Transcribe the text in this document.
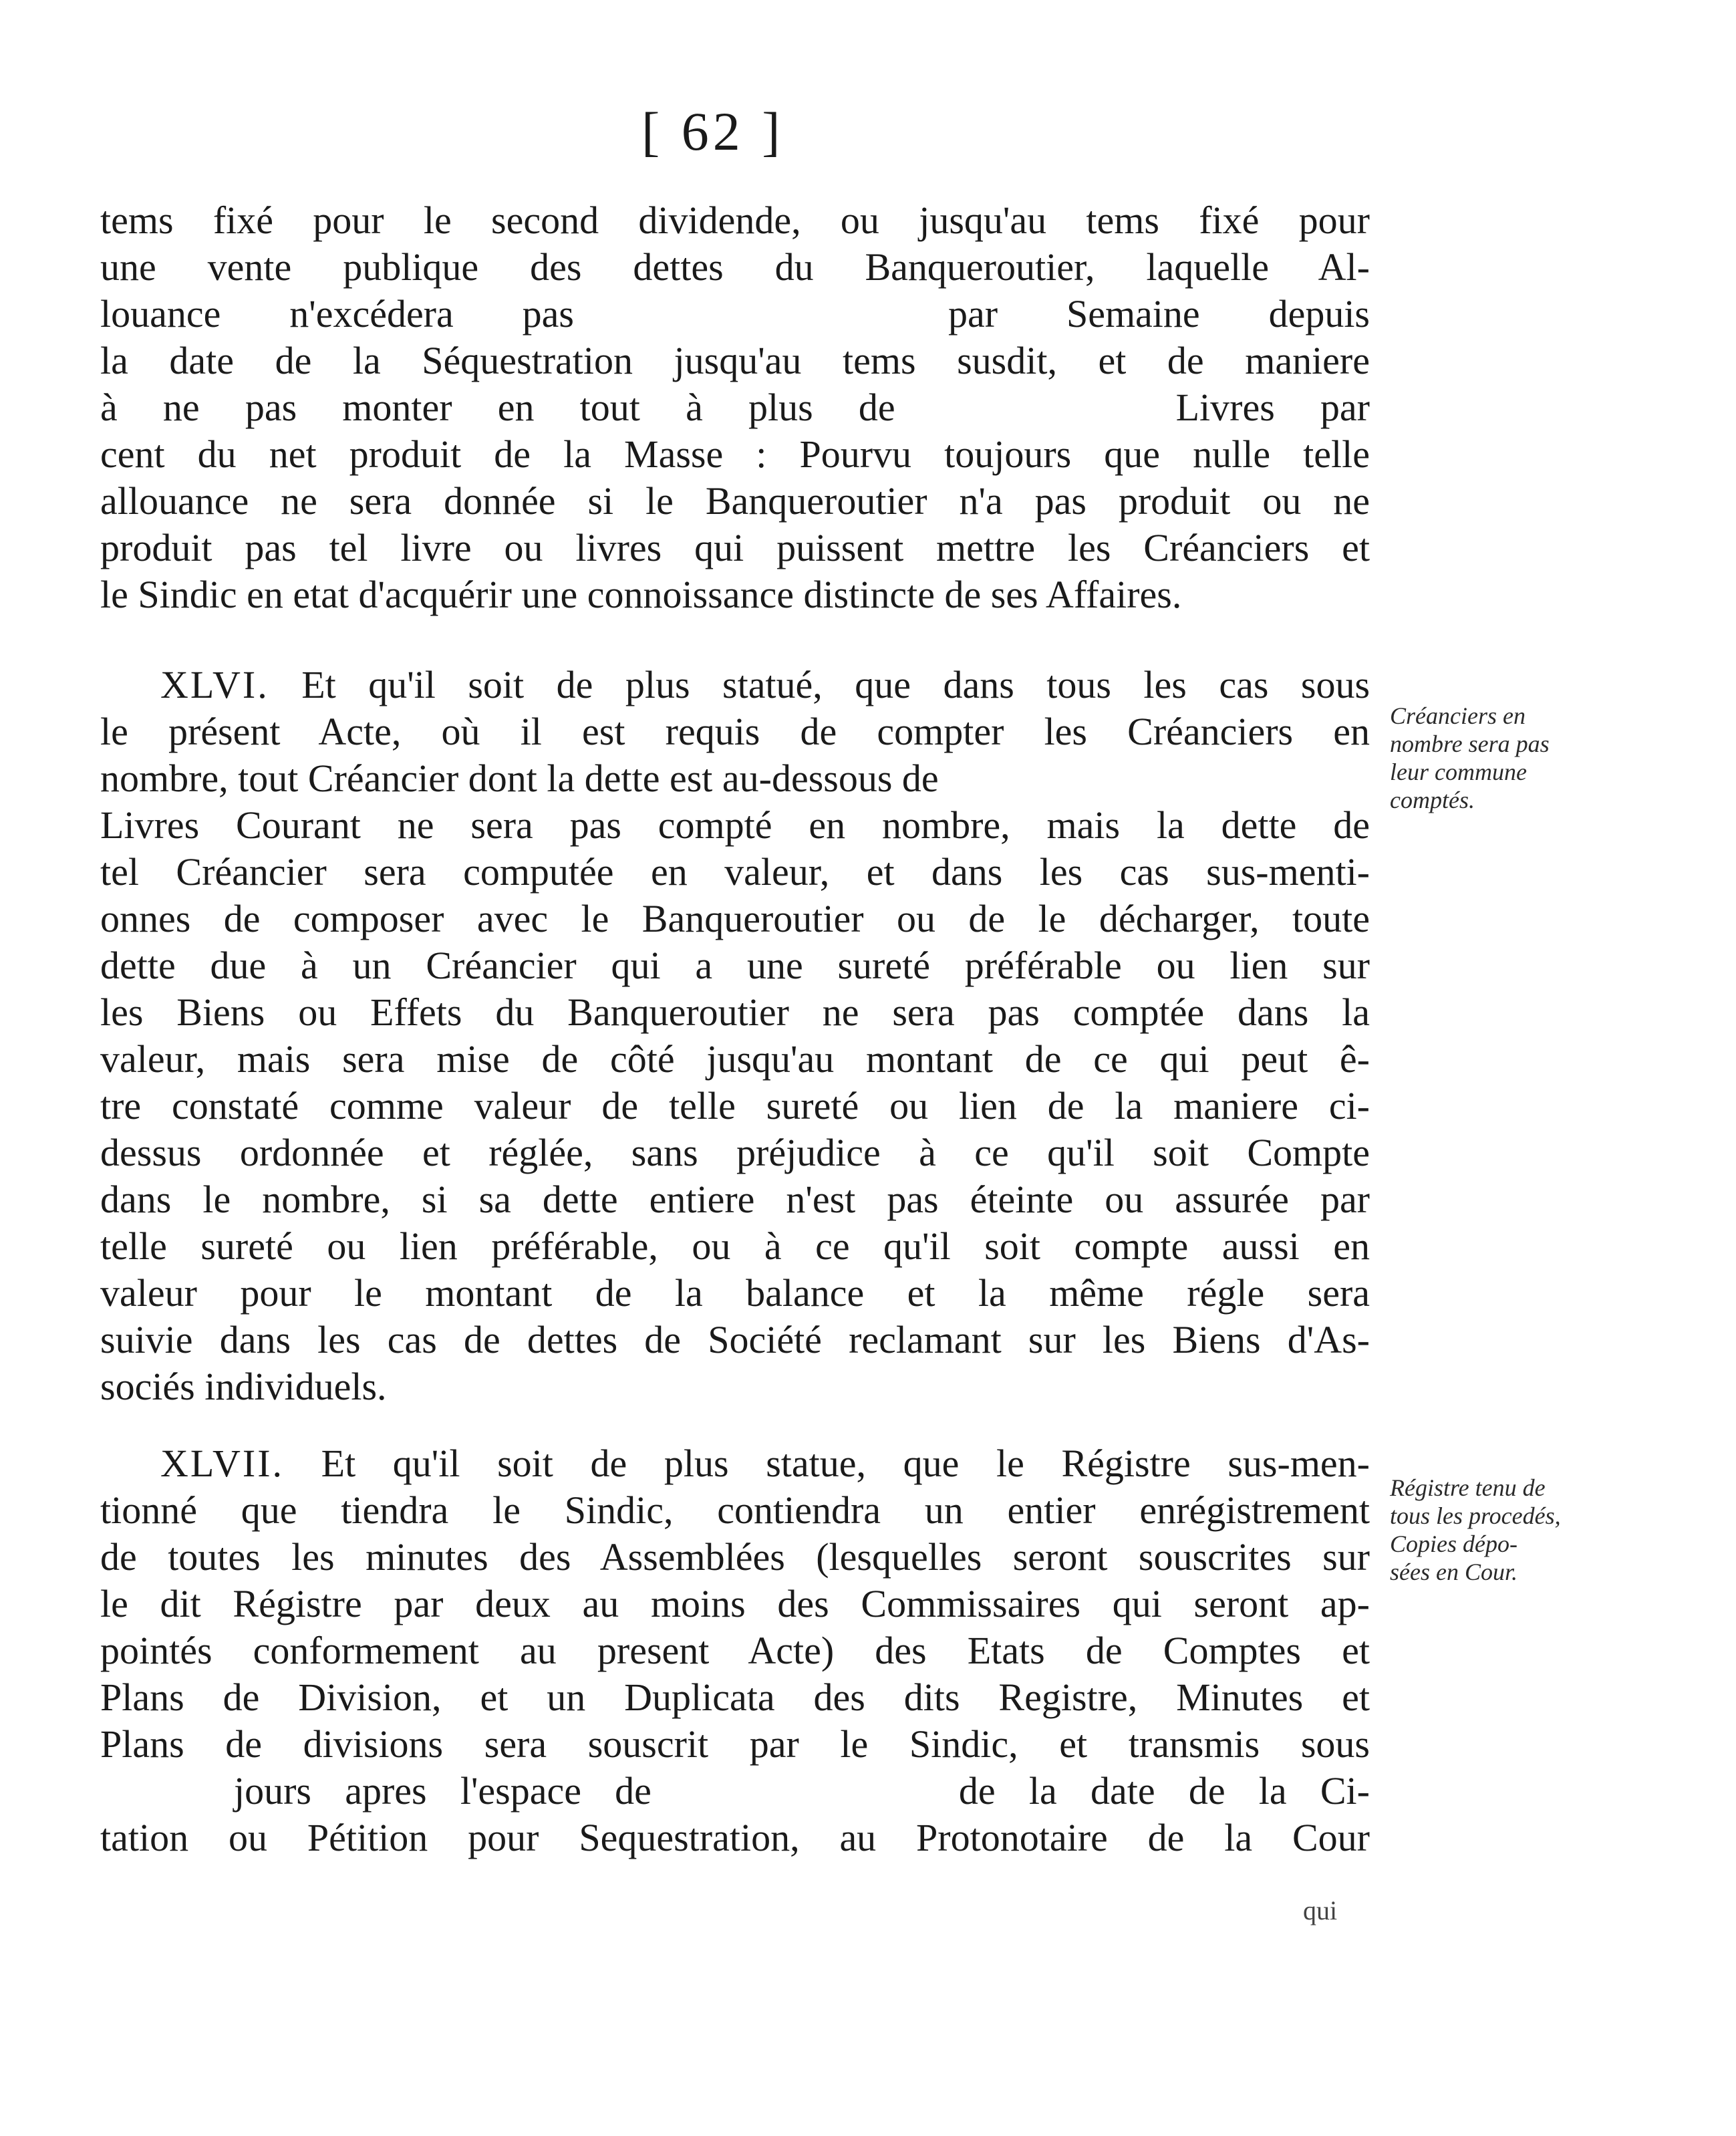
[ 62 ]
tems fixé pour le second dividende, ou jusqu'au tems fixé pour
une vente publique des dettes du Banqueroutier, laquelle Al-
louance n'excédera pas	par Semaine depuis
la date de la Séquestration jusqu'au tems susdit, et de maniere
à ne pas monter en tout à plus de	Livres par
cent du net produit de la Masse : Pourvu toujours que nulle telle
allouance ne sera donnée si le Banqueroutier n'a pas produit ou ne
produit pas tel livre ou livres qui puissent mettre les Créanciers et
le Sindic en etat d'acquérir une connoissance distincte de ses Affaires.
XLVI. Et qu'il soit de plus statué, que dans tous les cas sous
le présent Acte, où il est requis de compter les Créanciers en
nombre, tout Créancier dont la dette est au-dessous de
Livres Courant ne sera pas compté en nombre, mais la dette de
tel Créancier sera computée en valeur, et dans les cas sus-menti-
onnes de composer avec le Banqueroutier ou de le décharger, toute
dette due à un Créancier qui a une sureté préférable ou lien sur
les Biens ou Effets du Banqueroutier ne sera pas comptée dans la
valeur, mais sera mise de côté jusqu'au montant de ce qui peut ê-
tre constaté comme valeur de telle sureté ou lien de la maniere ci-
dessus ordonnée et réglée, sans préjudice à ce qu'il soit Compte
dans le nombre, si sa dette entiere n'est pas éteinte ou assurée par
telle sureté ou lien préférable, ou à ce qu'il soit compte aussi en
valeur pour le montant de la balance et la même régle sera
suivie dans les cas de dettes de Société reclamant sur les Biens d'As-
sociés individuels.
Créanciers en
nombre sera pas
leur commune
comptés.
XLVII. Et qu'il soit de plus statue, que le Régistre sus-men-
tionné que tiendra le Sindic, contiendra un entier enrégistrement
de toutes les minutes des Assemblées (lesquelles seront souscrites sur
le dit Régistre par deux au moins des Commissaires qui seront ap-
pointés conformement au present Acte) des Etats de Comptes et
Plans de Division, et un Duplicata des dits Registre, Minutes et
Plans de divisions sera souscrit par le Sindic, et transmis sous
jours apres l'espace de	de la date de la Ci-
tation ou Pétition pour Sequestration, au Protonotaire de la Cour
Régistre tenu de
tous les procedés,
Copies dépo-
sées en Cour.
qui
